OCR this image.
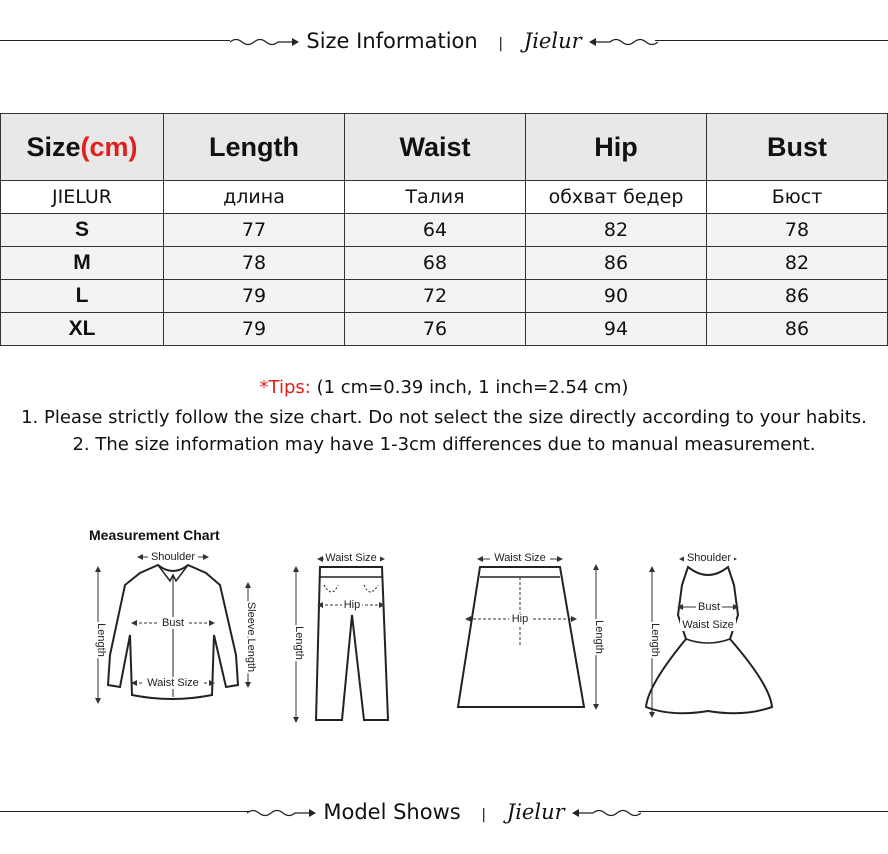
Size Information | Jielur
Size(cm)	Length	Waist	Hip	Bust
JIELUR	длина	Талия	обхват бедер	Бюст
S	77	64	82	78
M	78	68	86	82
L	79	72	90	86
XL	79	76	94	86
*Tips: (1 cm=0.39 inch, 1 inch=2.54 cm)
1. Please strictly follow the size chart. Do not select the size directly according to your habits.
2. The size information may have 1-3cm differences due to manual measurement.
Measurement Chart
Shoulder
Bust
Waist Size
Length	Sleeve Length
Waist Size
Hip
Length
Waist Size
Hip
Length
Shoulder
Bust
Waist Size
Length
Model Shows | Jielur
